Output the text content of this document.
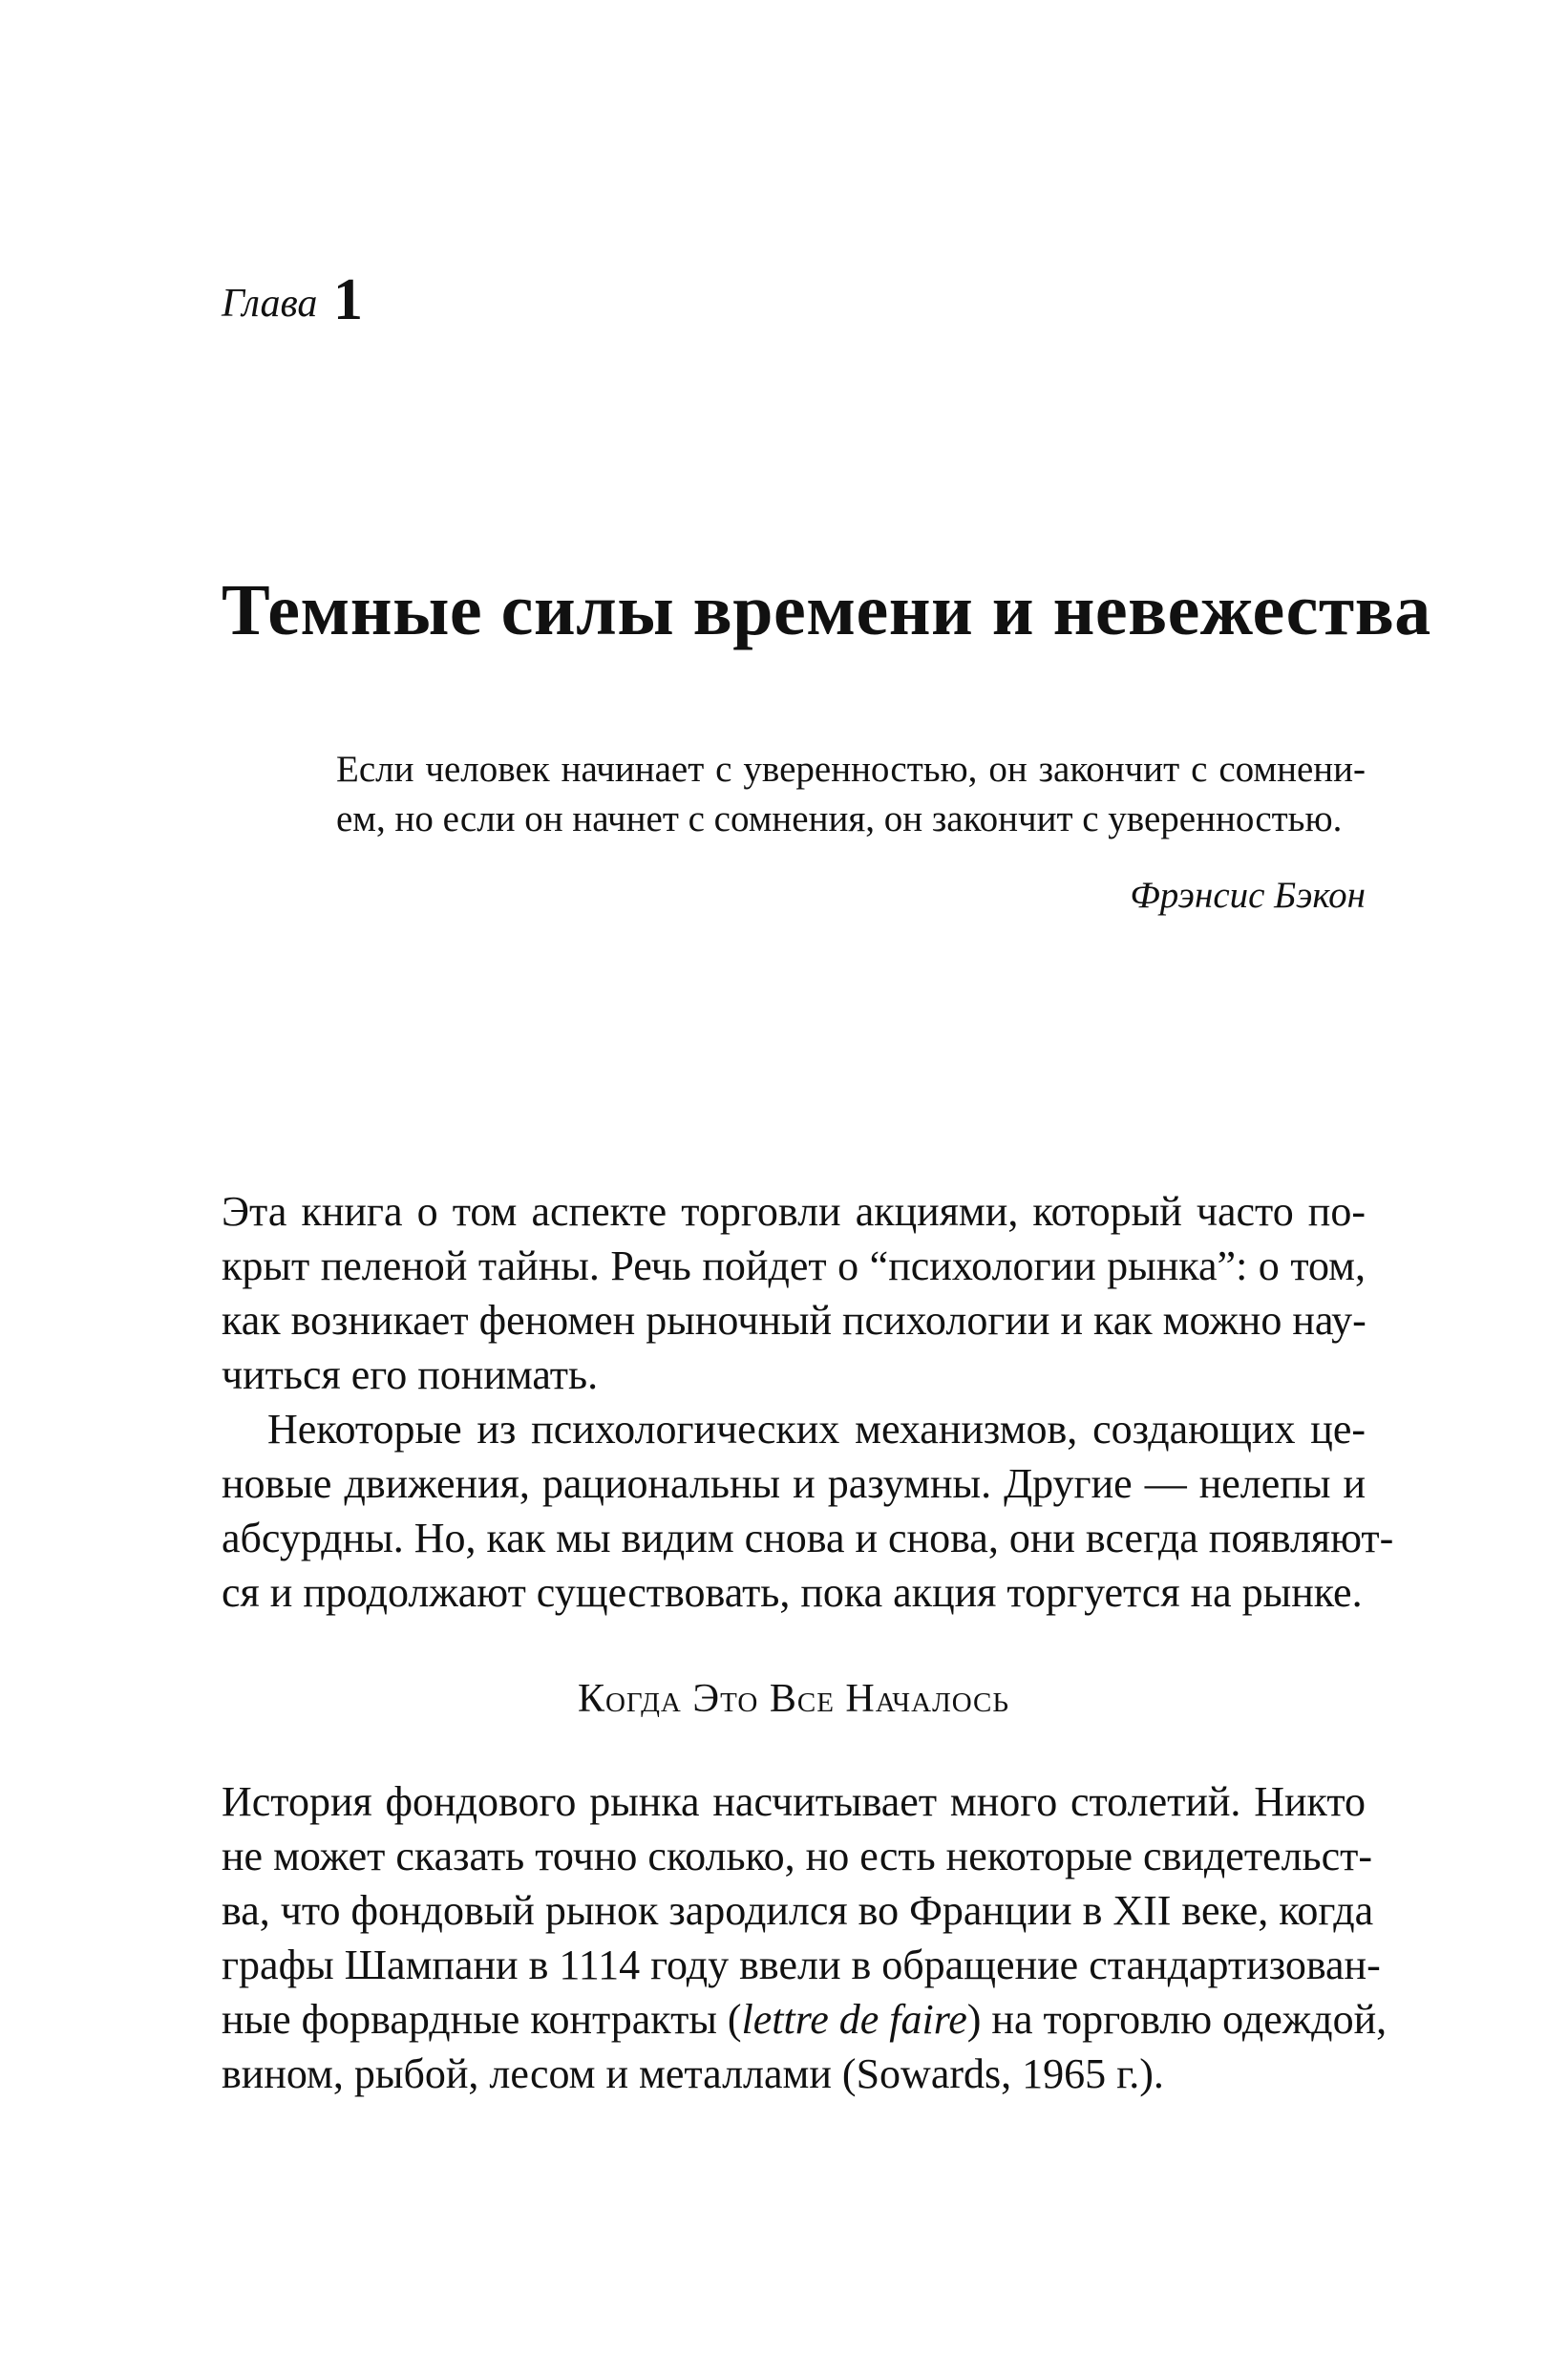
Глава 1
Темные силы времени и невежества
Если человек начинает с уверенностью, он закончит с сомнени-
ем, но если он начнет с сомнения, он закончит с уверенностью.
Фрэнсис Бэкон
Эта книга о том аспекте торговли акциями, который часто по-
крыт пеленой тайны. Речь пойдет о “психологии рынка”: о том,
как возникает феномен рыночный психологии и как можно нау-
читься его понимать.
Некоторые из психологических механизмов, создающих це-
новые движения, рациональны и разумны. Другие — нелепы и
абсурдны. Но, как мы видим снова и снова, они всегда появляют-
ся и продолжают существовать, пока акция торгуется на рынке.
Когда Это Все Началось
История фондового рынка насчитывает много столетий. Никто
не может сказать точно сколько, но есть некоторые свидетельст-
ва, что фондовый рынок зародился во Франции в XII веке, когда
графы Шампани в 1114 году ввели в обращение стандартизован-
ные форвардные контракты (lettre de faire) на торговлю одеждой,
вином, рыбой, лесом и металлами (Sowards, 1965 г.).
